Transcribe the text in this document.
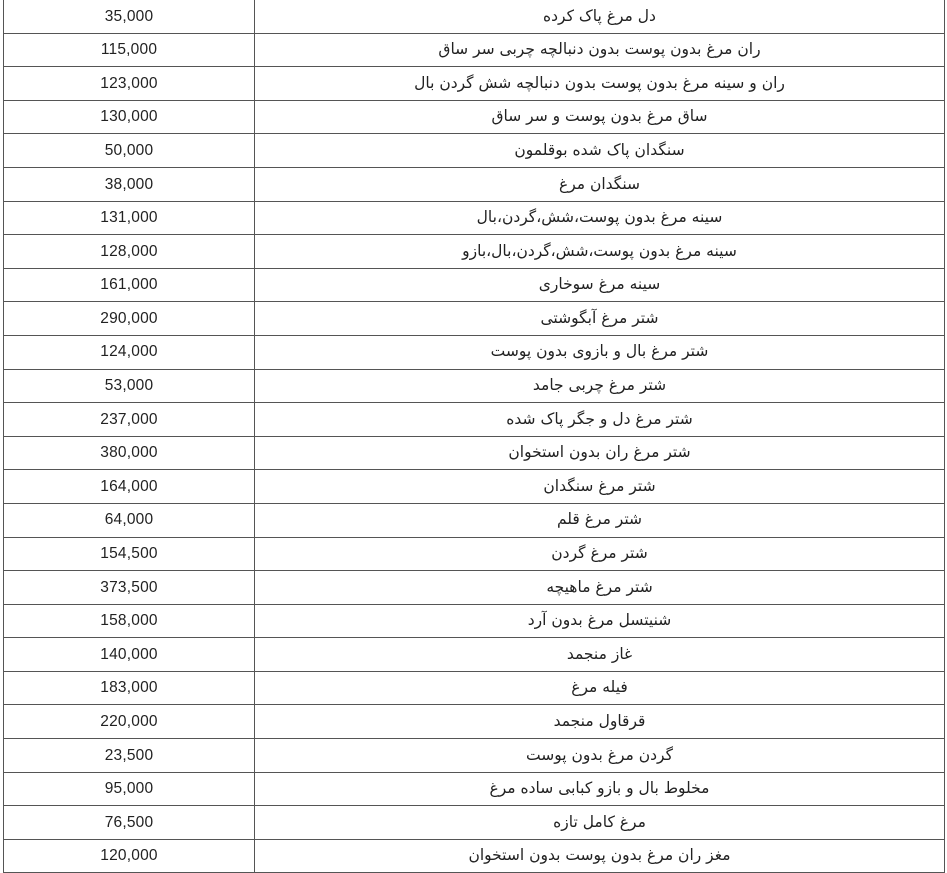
35,000	دل مرغ پاک کرده
115,000	ران مرغ بدون پوست بدون دنبالچه چربی سر ساق
123,000	ران و سینه مرغ بدون پوست بدون دنبالچه شش گردن بال
130,000	ساق مرغ بدون پوست و سر ساق
50,000	سنگدان پاک شده بوقلمون
38,000	سنگدان مرغ
131,000	سینه مرغ بدون پوست،شش،گردن،بال
128,000	سینه مرغ بدون پوست،شش،گردن،بال،بازو
161,000	سینه مرغ سوخاری
290,000	شتر مرغ آبگوشتی
124,000	شتر مرغ بال و بازوی بدون پوست
53,000	شتر مرغ چربی جامد
237,000	شتر مرغ دل و جگر پاک شده
380,000	شتر مرغ ران بدون استخوان
164,000	شتر مرغ سنگدان
64,000	شتر مرغ قلم
154,500	شتر مرغ گردن
373,500	شتر مرغ ماهیچه
158,000	شنیتسل مرغ بدون آرد
140,000	غاز منجمد
183,000	فیله مرغ
220,000	قرقاول منجمد
23,500	گردن مرغ بدون پوست
95,000	مخلوط بال و بازو کبابی ساده مرغ
76,500	مرغ کامل تازه
120,000	مغز ران مرغ بدون پوست بدون استخوان
